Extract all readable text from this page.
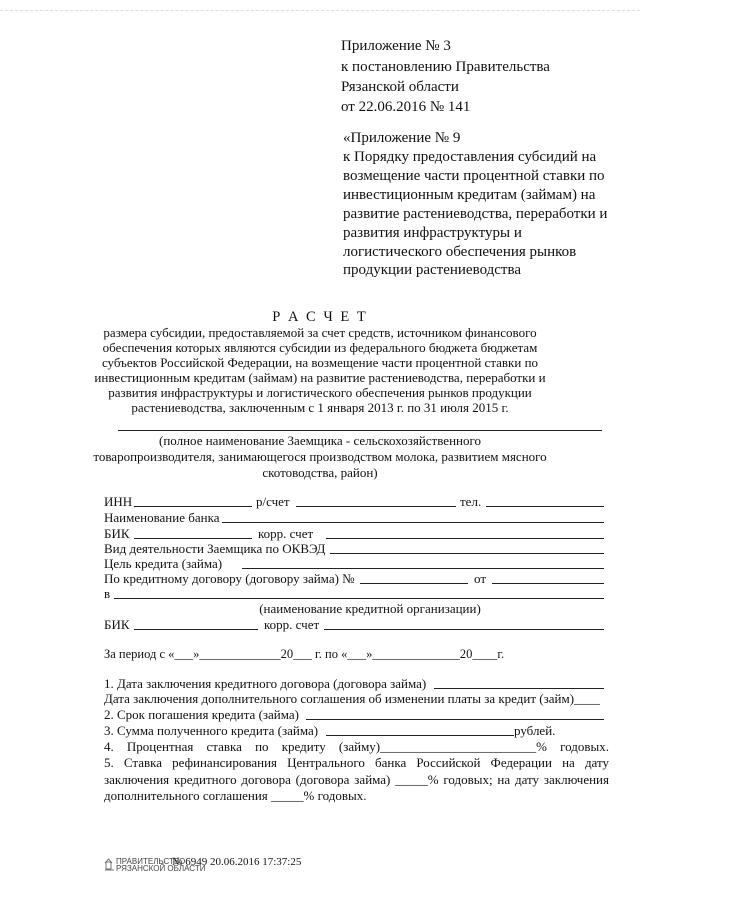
Приложение № 3
к постановлению Правительства
Рязанской области
от 22.06.2016 № 141
«Приложение № 9
к Порядку предоставления субсидий на
возмещение части процентной ставки по
инвестиционным кредитам (займам) на
развитие растениеводства, переработки и
развития инфраструктуры и
логистического обеспечения рынков
продукции растениеводства
Р А С Ч Е Т
размера субсидии, предоставляемой за счет средств, источником финансового
обеспечения которых являются субсидии из федерального бюджета бюджетам
субъектов Российской Федерации, на возмещение части процентной ставки по
инвестиционным кредитам (займам) на развитие растениеводства, переработки и
развития инфраструктуры и логистического обеспечения рынков продукции
растениеводства, заключенным с 1 января 2013 г. по 31 июля 2015 г.
(полное наименование Заемщика - сельскохозяйственного
товаропроизводителя, занимающегося производством молока, развитием мясного
скотоводства, район)
ИНН	р/счет	тел.
Наименование банка
БИК	корр. счет
Вид деятельности Заемщика по ОКВЭД
Цель кредита (займа)
По кредитному договору (договору займа) №	от
в
(наименование кредитной организации)
БИК	корр. счет
За период с «___»_____________20___ г. по «___»______________20____г.
1. Дата заключения кредитного договора (договора займа)
Дата заключения дополнительного соглашения об изменении платы за кредит (займ)____
2. Срок погашения кредита (займа)
3. Сумма полученного кредита (займа)	рублей.
4. Процентная ставка по кредиту (займу)________________________% годовых.
5. Ставка рефинансирования Центрального банка Российской Федерации на дату
заключения кредитного договора (договора займа) _____% годовых; на дату заключения
дополнительного соглашения _____% годовых.
ПРАВИТЕЛЬСТВО
РЯЗАНСКОЙ ОБЛАСТИ
№ 6949 20.06.2016 17:37:25
